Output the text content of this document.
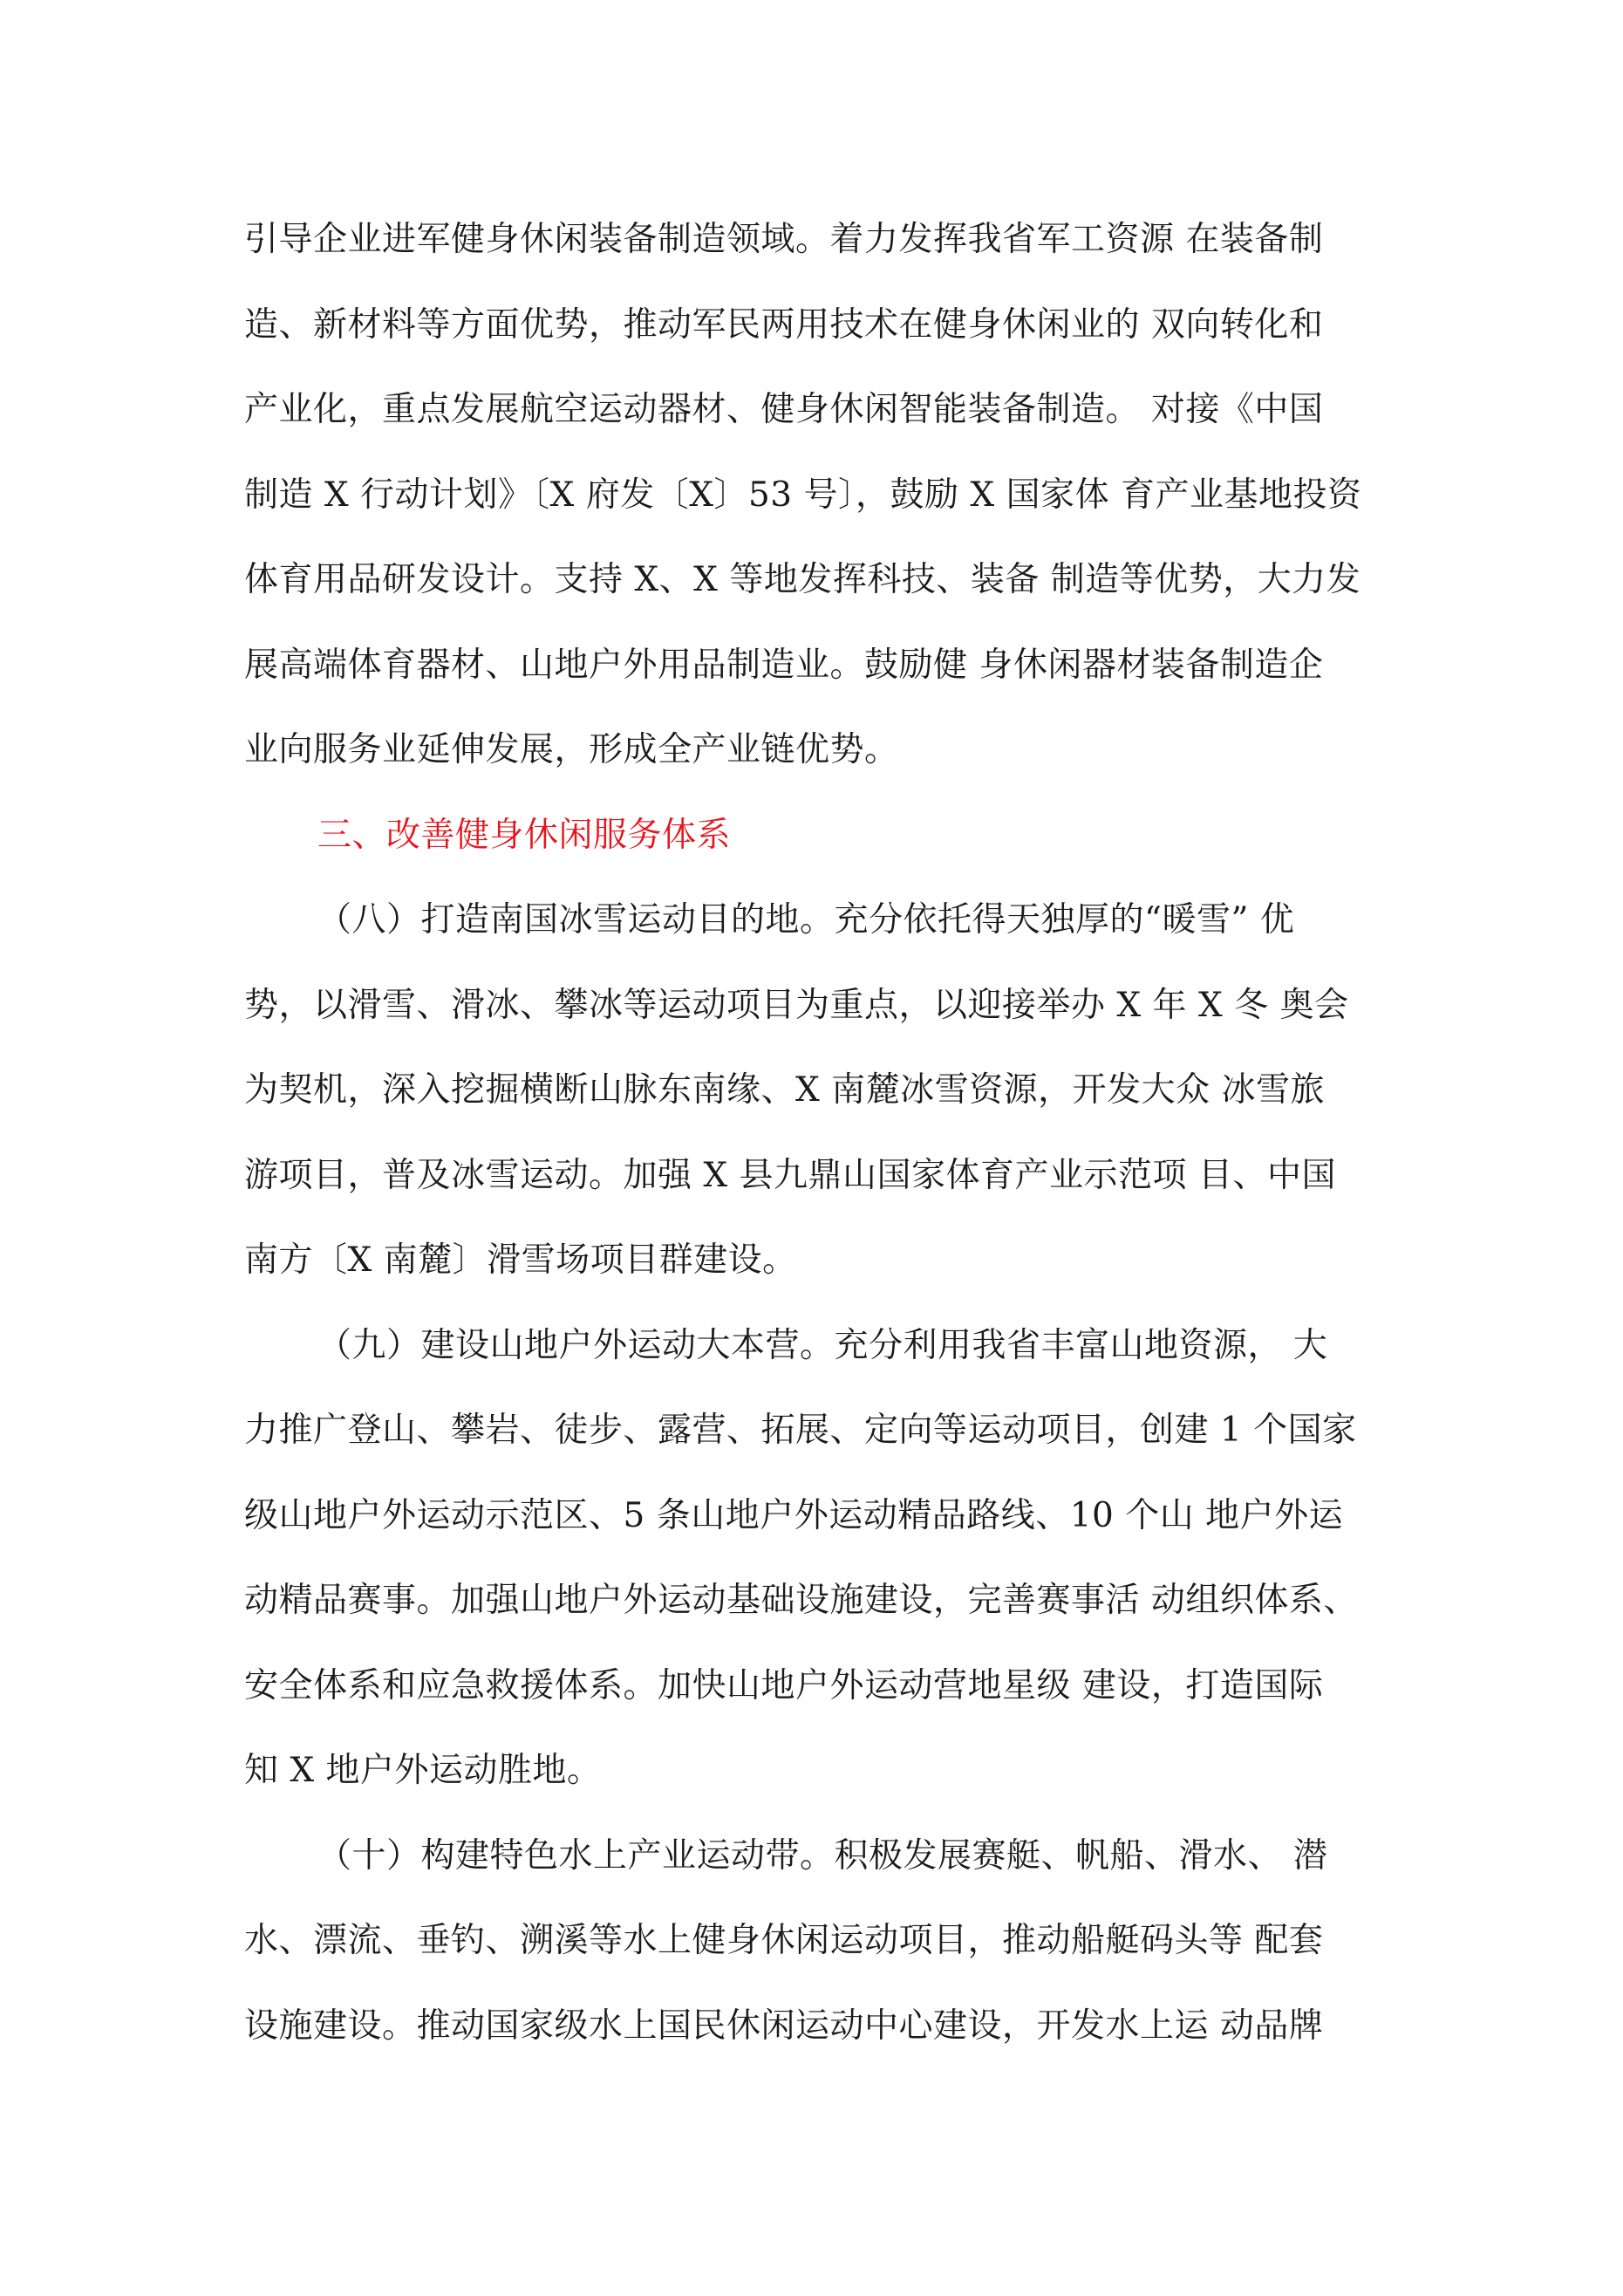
引导企业进军健身休闲装备制造领域。着力发挥我省军工资源 在装备制
造、新材料等方面优势，推动军民两用技术在健身休闲业的 双向转化和
产业化，重点发展航空运动器材、健身休闲智能装备制造。 对接《中国
制造 X 行动计划》〔X 府发〔X〕53 号〕，鼓励 X 国家体 育产业基地投资
体育用品研发设计。支持 X、X 等地发挥科技、装备 制造等优势，大力发
展高端体育器材、山地户外用品制造业。鼓励健 身休闲器材装备制造企
业向服务业延伸发展，形成全产业链优势。
三、改善健身休闲服务体系
（八）打造南国冰雪运动目的地。充分依托得天独厚的“暖雪” 优
势，以滑雪、滑冰、攀冰等运动项目为重点，以迎接举办 X 年 X 冬 奥会
为契机，深入挖掘横断山脉东南缘、X 南麓冰雪资源，开发大众 冰雪旅
游项目，普及冰雪运动。加强 X 县九鼎山国家体育产业示范项 目、中国
南方〔X 南麓〕滑雪场项目群建设。
（九）建设山地户外运动大本营。充分利用我省丰富山地资源， 大
力推广登山、攀岩、徒步、露营、拓展、定向等运动项目，创建 1 个国家
级山地户外运动示范区、5 条山地户外运动精品路线、10 个山 地户外运
动精品赛事。加强山地户外运动基础设施建设，完善赛事活 动组织体系、
安全体系和应急救援体系。加快山地户外运动营地星级 建设，打造国际
知 X 地户外运动胜地。
（十）构建特色水上产业运动带。积极发展赛艇、帆船、滑水、 潜
水、漂流、垂钓、溯溪等水上健身休闲运动项目，推动船艇码头等 配套
设施建设。推动国家级水上国民休闲运动中心建设，开发水上运 动品牌
